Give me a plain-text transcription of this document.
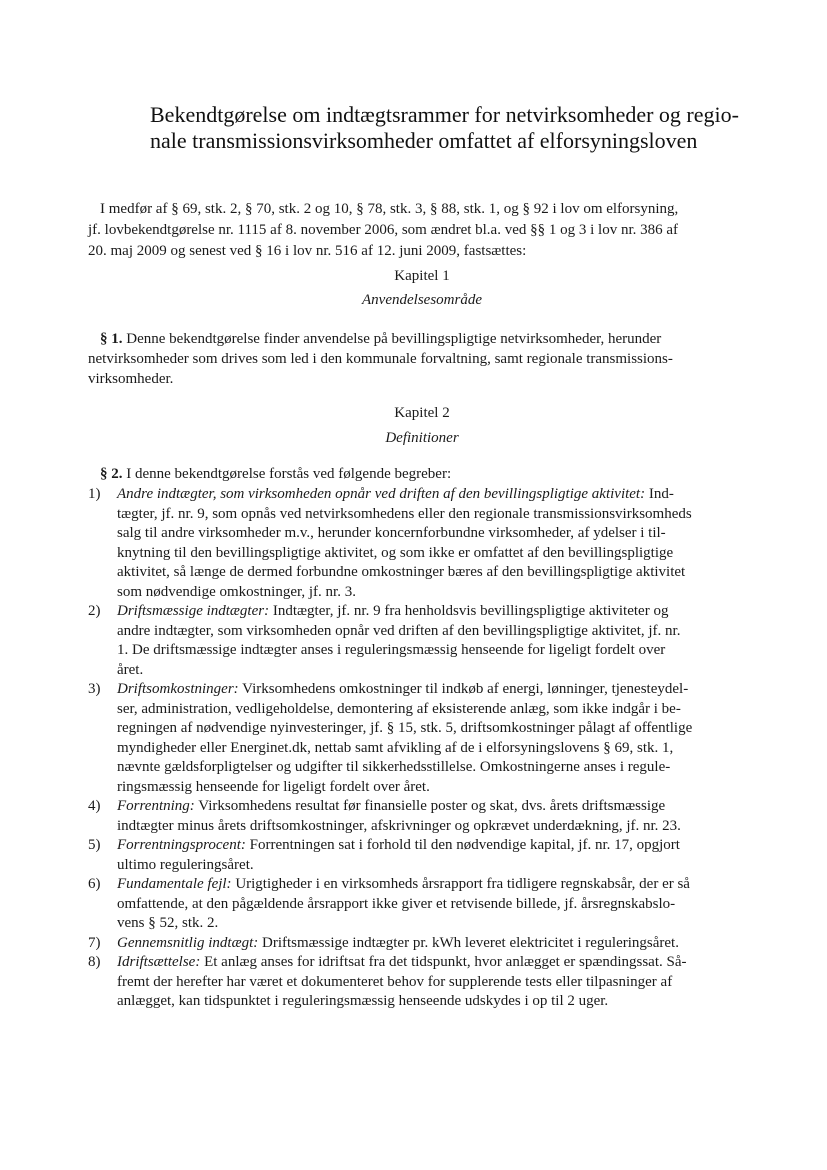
Bekendtgørelse om indtægtsrammer for netvirksomheder og regio-
nale transmissionsvirksomheder omfattet af elforsyningsloven
I medfør af § 69, stk. 2, § 70, stk. 2 og 10, § 78, stk. 3, § 88, stk. 1, og § 92 i lov om elforsyning,
jf. lovbekendtgørelse nr. 1115 af 8. november 2006, som ændret bl.a. ved §§ 1 og 3 i lov nr. 386 af
20. maj 2009 og senest ved § 16 i lov nr. 516 af 12. juni 2009, fastsættes:
Kapitel 1
Anvendelsesområde
§ 1. Denne bekendtgørelse finder anvendelse på bevillingspligtige netvirksomheder, herunder
netvirksomheder som drives som led i den kommunale forvaltning, samt regionale transmissions-
virksomheder.
Kapitel 2
Definitioner
§ 2. I denne bekendtgørelse forstås ved følgende begreber:
1) Andre indtægter, som virksomheden opnår ved driften af den bevillingspligtige aktivitet: Ind-
tægter, jf. nr. 9, som opnås ved netvirksomhedens eller den regionale transmissionsvirksomheds
salg til andre virksomheder m.v., herunder koncernforbundne virksomheder, af ydelser i til-
knytning til den bevillingspligtige aktivitet, og som ikke er omfattet af den bevillingspligtige
aktivitet, så længe de dermed forbundne omkostninger bæres af den bevillingspligtige aktivitet
som nødvendige omkostninger, jf. nr. 3.
2) Driftsmæssige indtægter: Indtægter, jf. nr. 9 fra henholdsvis bevillingspligtige aktiviteter og
andre indtægter, som virksomheden opnår ved driften af den bevillingspligtige aktivitet, jf. nr.
1. De driftsmæssige indtægter anses i reguleringsmæssig henseende for ligeligt fordelt over
året.
3) Driftsomkostninger: Virksomhedens omkostninger til indkøb af energi, lønninger, tjenesteydel-
ser, administration, vedligeholdelse, demontering af eksisterende anlæg, som ikke indgår i be-
regningen af nødvendige nyinvesteringer, jf. § 15, stk. 5, driftsomkostninger pålagt af offentlige
myndigheder eller Energinet.dk, nettab samt afvikling af de i elforsyningslovens § 69, stk. 1,
nævnte gældsforpligtelser og udgifter til sikkerhedsstillelse. Omkostningerne anses i regule-
ringsmæssig henseende for ligeligt fordelt over året.
4) Forrentning: Virksomhedens resultat før finansielle poster og skat, dvs. årets driftsmæssige
indtægter minus årets driftsomkostninger, afskrivninger og opkrævet underdækning, jf. nr. 23.
5) Forrentningsprocent: Forrentningen sat i forhold til den nødvendige kapital, jf. nr. 17, opgjort
ultimo reguleringsåret.
6) Fundamentale fejl: Urigtigheder i en virksomheds årsrapport fra tidligere regnskabsår, der er så
omfattende, at den pågældende årsrapport ikke giver et retvisende billede, jf. årsregnskabslo-
vens § 52, stk. 2.
7) Gennemsnitlig indtægt: Driftsmæssige indtægter pr. kWh leveret elektricitet i reguleringsåret.
8) Idriftsættelse: Et anlæg anses for idriftsat fra det tidspunkt, hvor anlægget er spændingssat. Så-
fremt der herefter har været et dokumenteret behov for supplerende tests eller tilpasninger af
anlægget, kan tidspunktet i reguleringsmæssig henseende udskydes i op til 2 uger.
